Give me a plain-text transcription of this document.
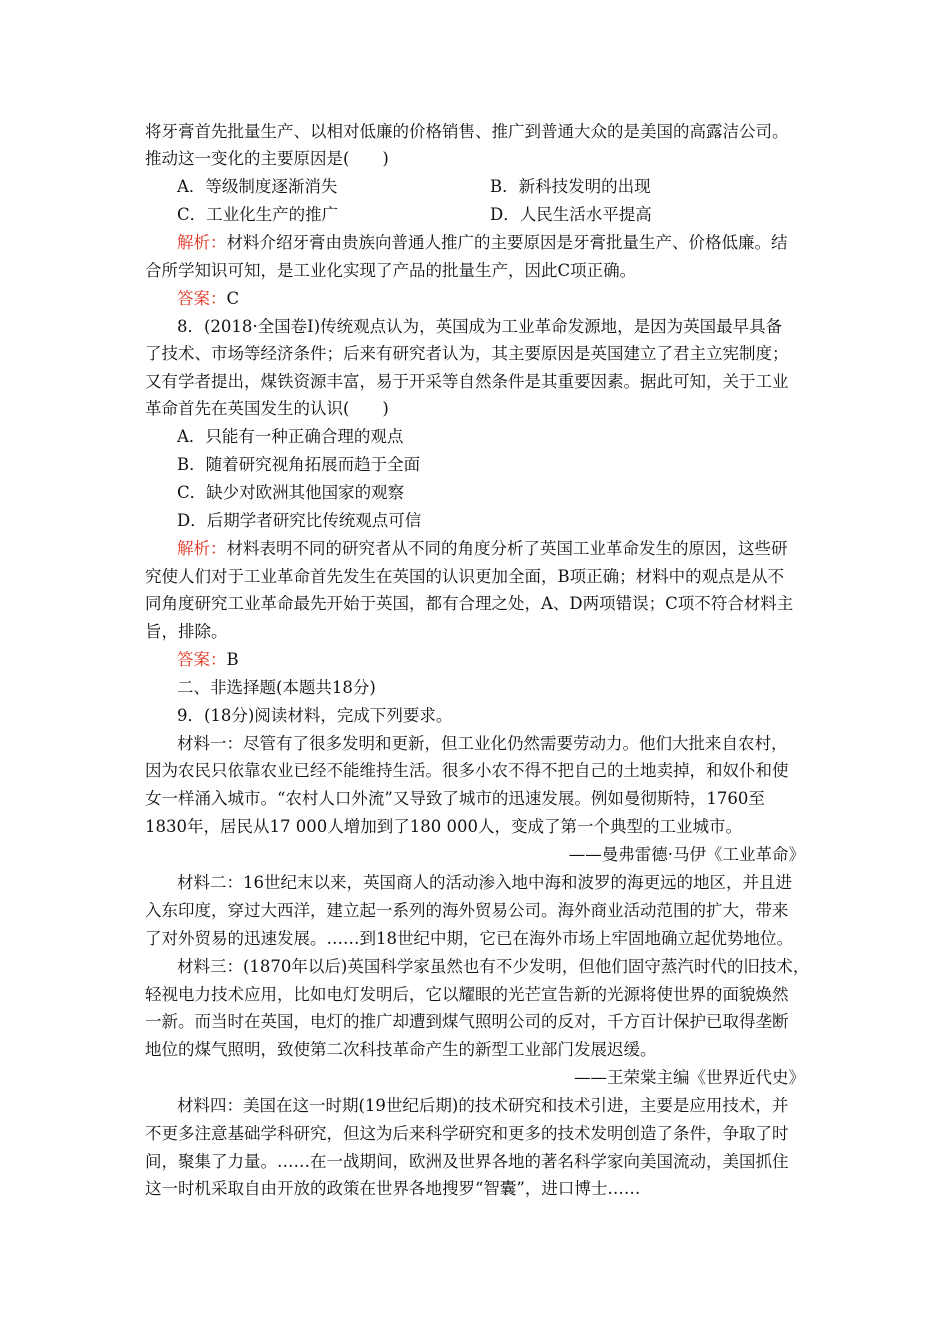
将牙膏首先批量生产、以相对低廉的价格销售、推广到普通大众的是美国的高露洁公司。
推动这一变化的主要原因是(　　)
A．等级制度逐渐消失	B．新科技发明的出现
C．工业化生产的推广	D．人民生活水平提高
解析：材料介绍牙膏由贵族向普通人推广的主要原因是牙膏批量生产、价格低廉。结
合所学知识可知，是工业化实现了产品的批量生产，因此C项正确。
答案：C
8．(2018·全国卷Ⅰ)传统观点认为，英国成为工业革命发源地，是因为英国最早具备
了技术、市场等经济条件；后来有研究者认为，其主要原因是英国建立了君主立宪制度；
又有学者提出，煤铁资源丰富，易于开采等自然条件是其重要因素。据此可知，关于工业
革命首先在英国发生的认识(　　)
A．只能有一种正确合理的观点
B．随着研究视角拓展而趋于全面
C．缺少对欧洲其他国家的观察
D．后期学者研究比传统观点可信
解析：材料表明不同的研究者从不同的角度分析了英国工业革命发生的原因，这些研
究使人们对于工业革命首先发生在英国的认识更加全面，B项正确；材料中的观点是从不
同角度研究工业革命最先开始于英国，都有合理之处，A、D两项错误；C项不符合材料主
旨，排除。
答案：B
二、非选择题(本题共18分)
9．(18分)阅读材料，完成下列要求。
材料一：尽管有了很多发明和更新，但工业化仍然需要劳动力。他们大批来自农村，
因为农民只依靠农业已经不能维持生活。很多小农不得不把自己的土地卖掉，和奴仆和使
女一样涌入城市。“农村人口外流”又导致了城市的迅速发展。例如曼彻斯特，1760至
1830年，居民从17 000人增加到了180 000人，变成了第一个典型的工业城市。
——曼弗雷德·马伊《工业革命》
材料二：16世纪末以来，英国商人的活动渗入地中海和波罗的海更远的地区，并且进
入东印度，穿过大西洋，建立起一系列的海外贸易公司。海外商业活动范围的扩大，带来
了对外贸易的迅速发展。……到18世纪中期，它已在海外市场上牢固地确立起优势地位。
材料三：(1870年以后)英国科学家虽然也有不少发明，但他们固守蒸汽时代的旧技术，
轻视电力技术应用，比如电灯发明后，它以耀眼的光芒宣告新的光源将使世界的面貌焕然
一新。而当时在英国，电灯的推广却遭到煤气照明公司的反对，千方百计保护已取得垄断
地位的煤气照明，致使第二次科技革命产生的新型工业部门发展迟缓。
——王荣棠主编《世界近代史》
材料四：美国在这一时期(19世纪后期)的技术研究和技术引进，主要是应用技术，并
不更多注意基础学科研究，但这为后来科学研究和更多的技术发明创造了条件，争取了时
间，聚集了力量。……在一战期间，欧洲及世界各地的著名科学家向美国流动，美国抓住
这一时机采取自由开放的政策在世界各地搜罗“智囊”，进口博士……
